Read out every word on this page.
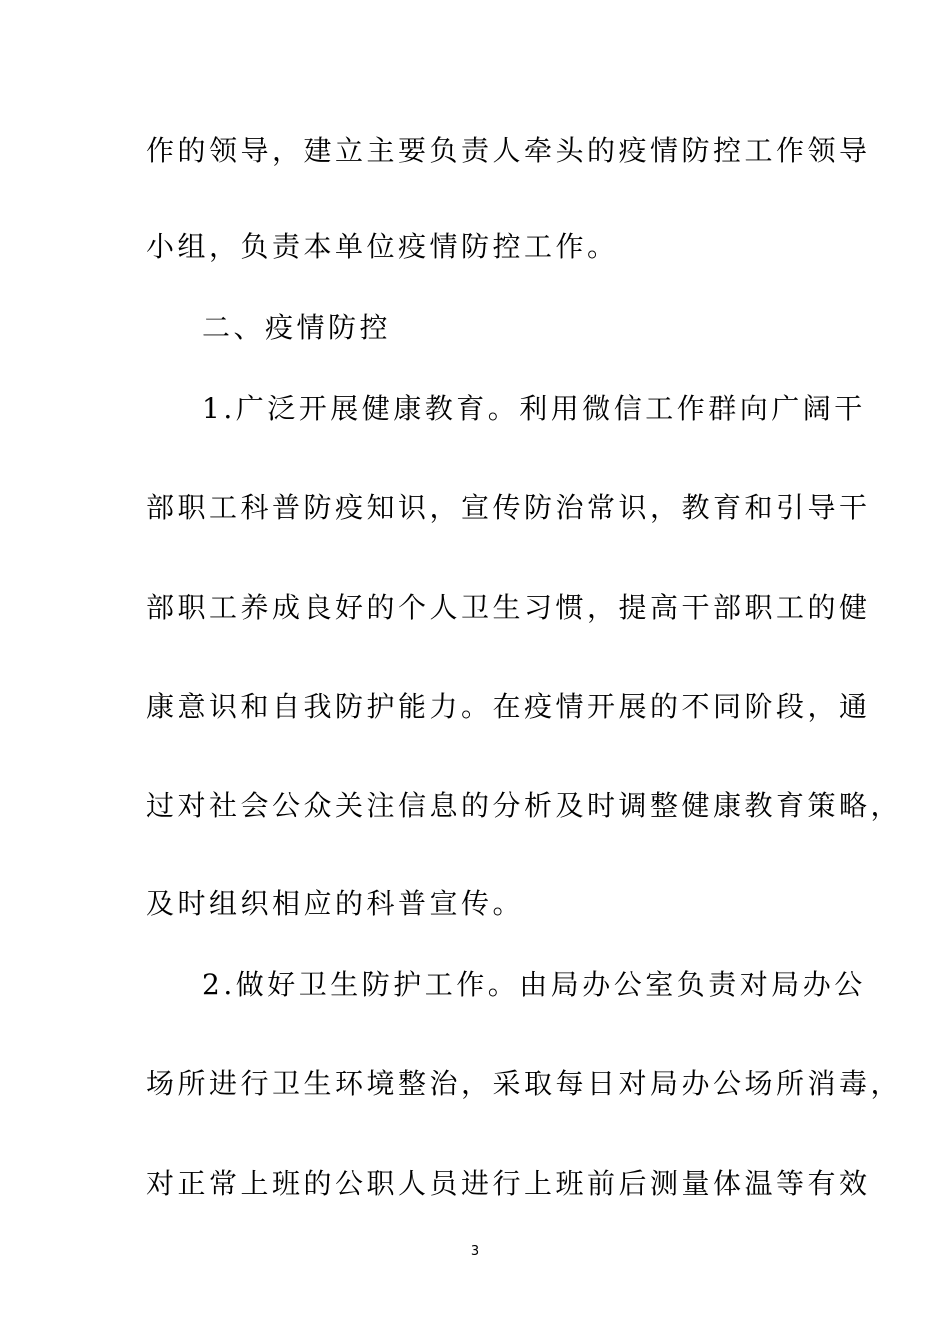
作的领导，建立主要负责人牵头的疫情防控工作领导
小组，负责本单位疫情防控工作。
二、疫情防控
1.广泛开展健康教育。利用微信工作群向广阔干
部职工科普防疫知识，宣传防治常识，教育和引导干
部职工养成良好的个人卫生习惯，提高干部职工的健
康意识和自我防护能力。在疫情开展的不同阶段，通
过对社会公众关注信息的分析及时调整健康教育策略，
及时组织相应的科普宣传。
2.做好卫生防护工作。由局办公室负责对局办公
场所进行卫生环境整治，采取每日对局办公场所消毒，
对正常上班的公职人员进行上班前后测量体温等有效
3
